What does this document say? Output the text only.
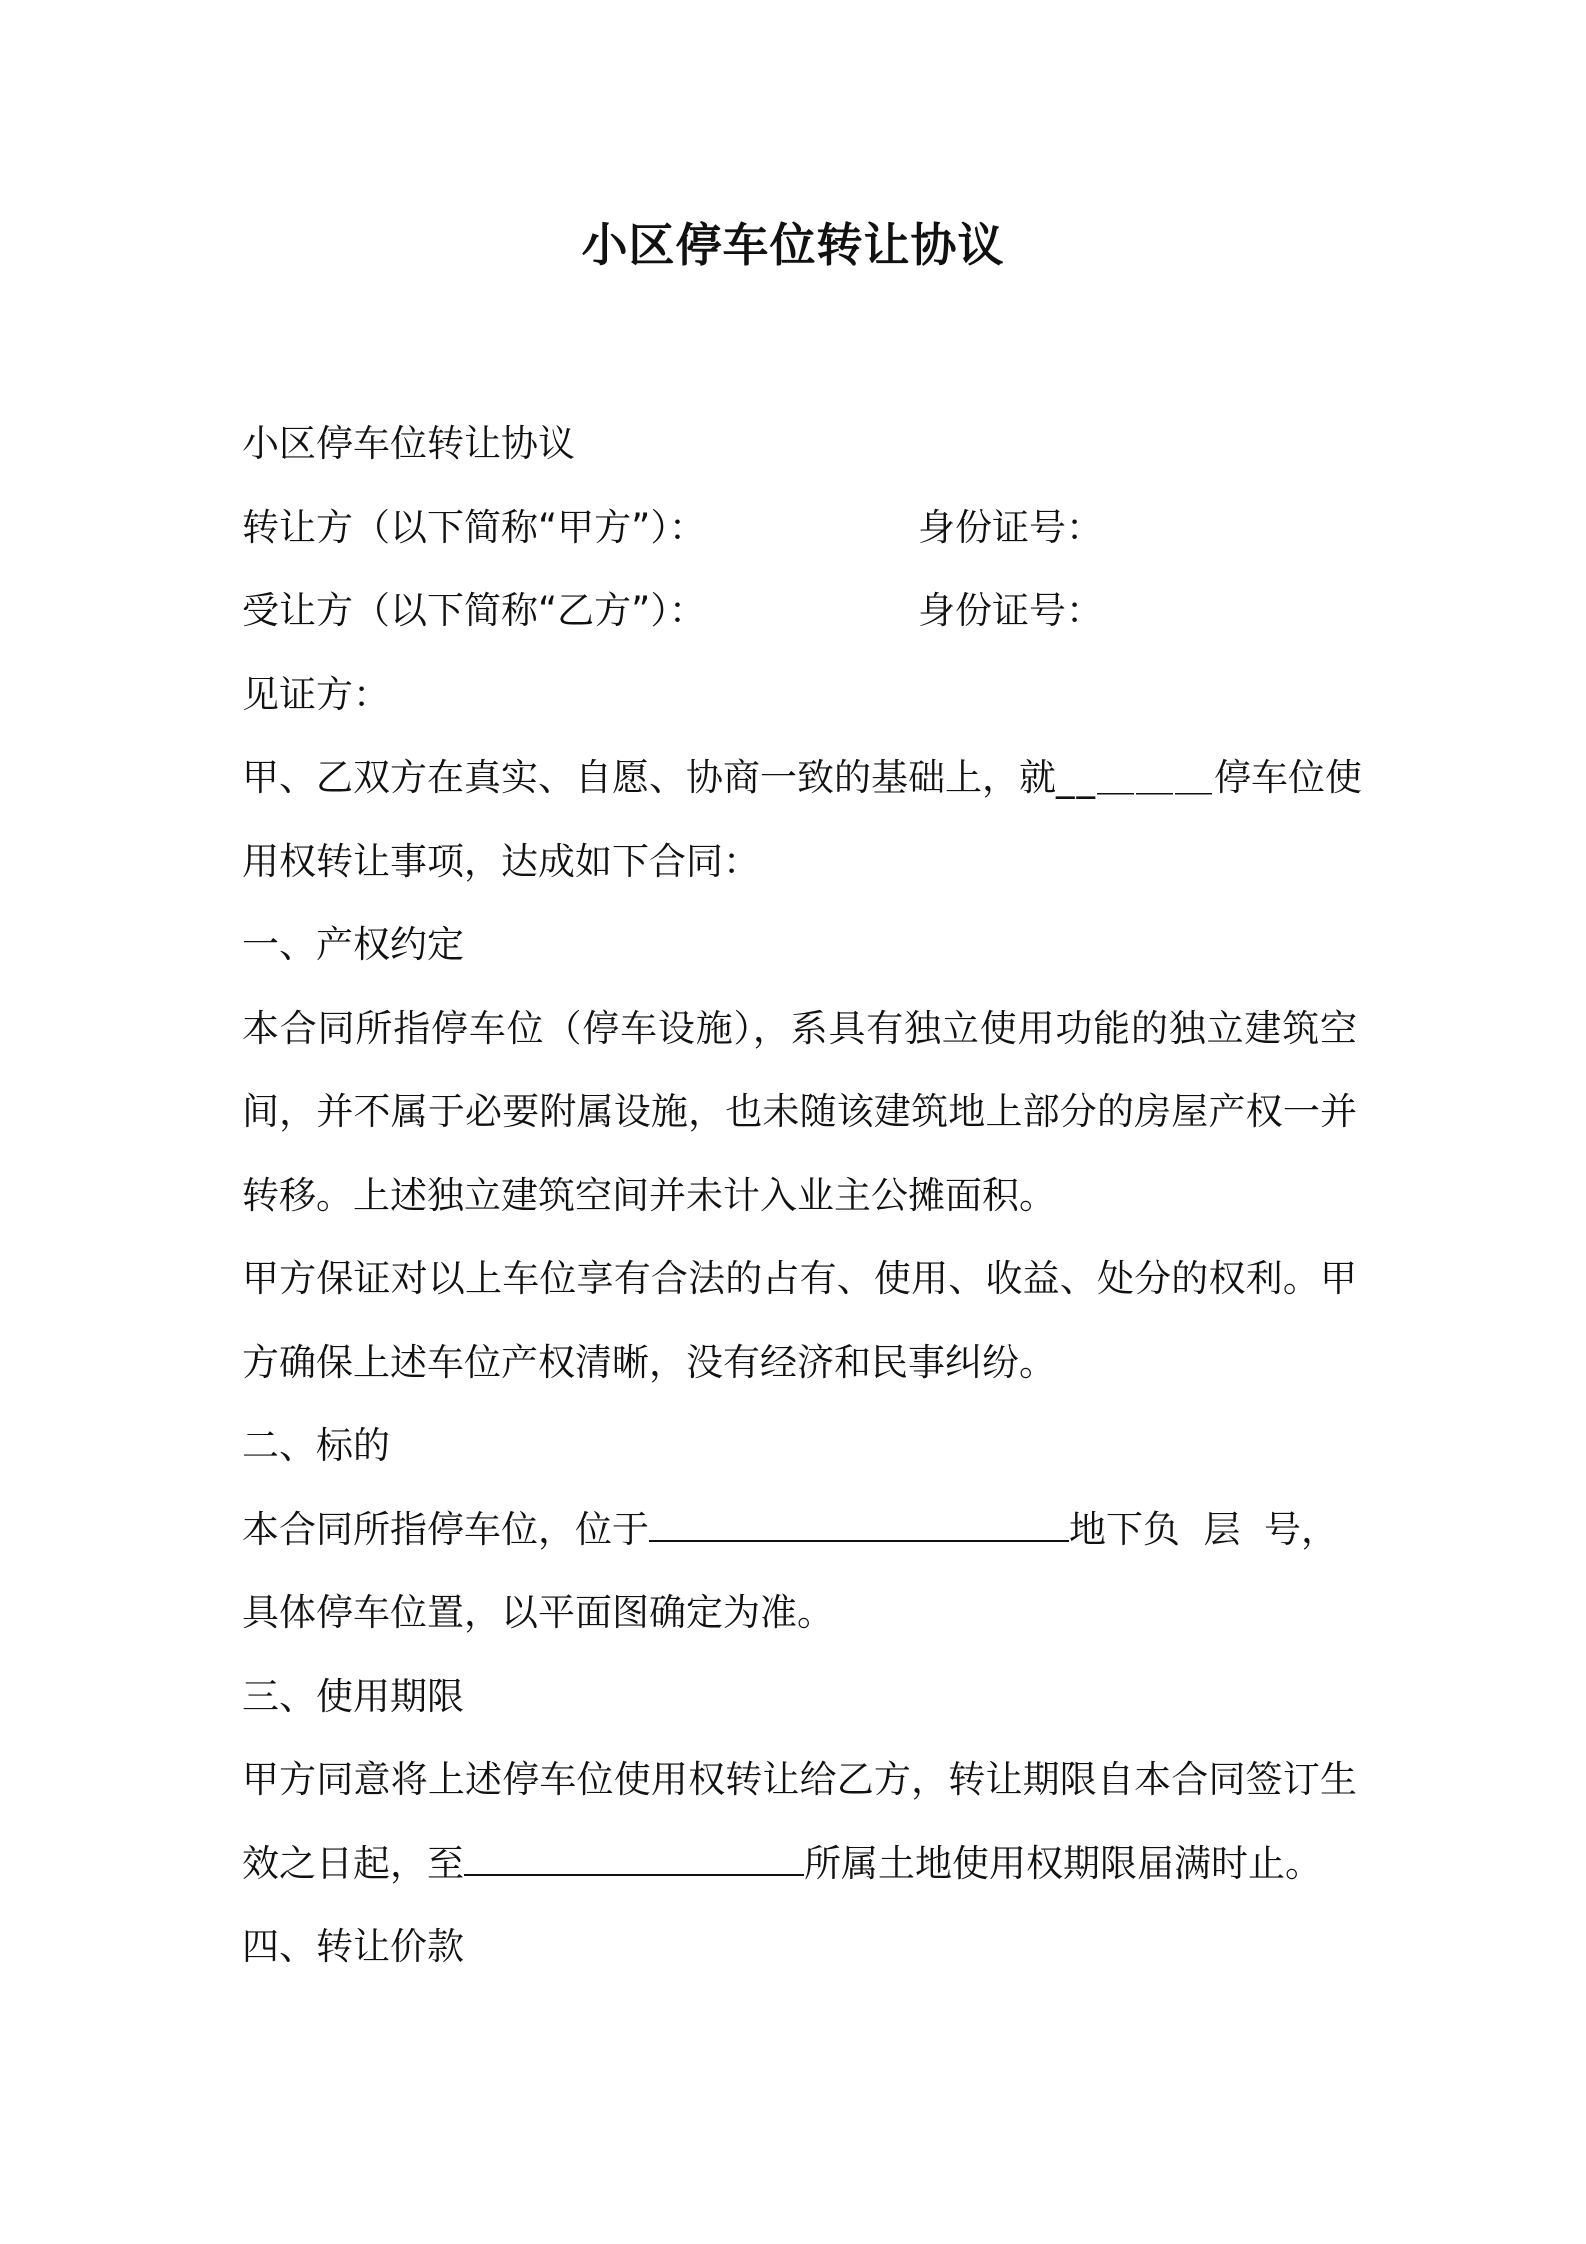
小区停车位转让协议
小区停车位转让协议
转让方（以下简称“甲方”）：	身份证号：
受让方（以下简称“乙方”）：	身份证号：
见证方：
甲、乙双方在真实、自愿、协商一致的基础上，就__＿＿＿停车位使
用权转让事项，达成如下合同：
一、产权约定
本合同所指停车位（停车设施），系具有独立使用功能的独立建筑空
间，并不属于必要附属设施，也未随该建筑地上部分的房屋产权一并
转移。上述独立建筑空间并未计入业主公摊面积。
甲方保证对以上车位享有合法的占有、使用、收益、处分的权利。甲
方确保上述车位产权清晰，没有经济和民事纠纷。
二、标的
本合同所指停车位，位于	地下负  层  号，
具体停车位置，以平面图确定为准。
三、使用期限
甲方同意将上述停车位使用权转让给乙方，转让期限自本合同签订生
效之日起，至	所属土地使用权期限届满时止。
四、转让价款
